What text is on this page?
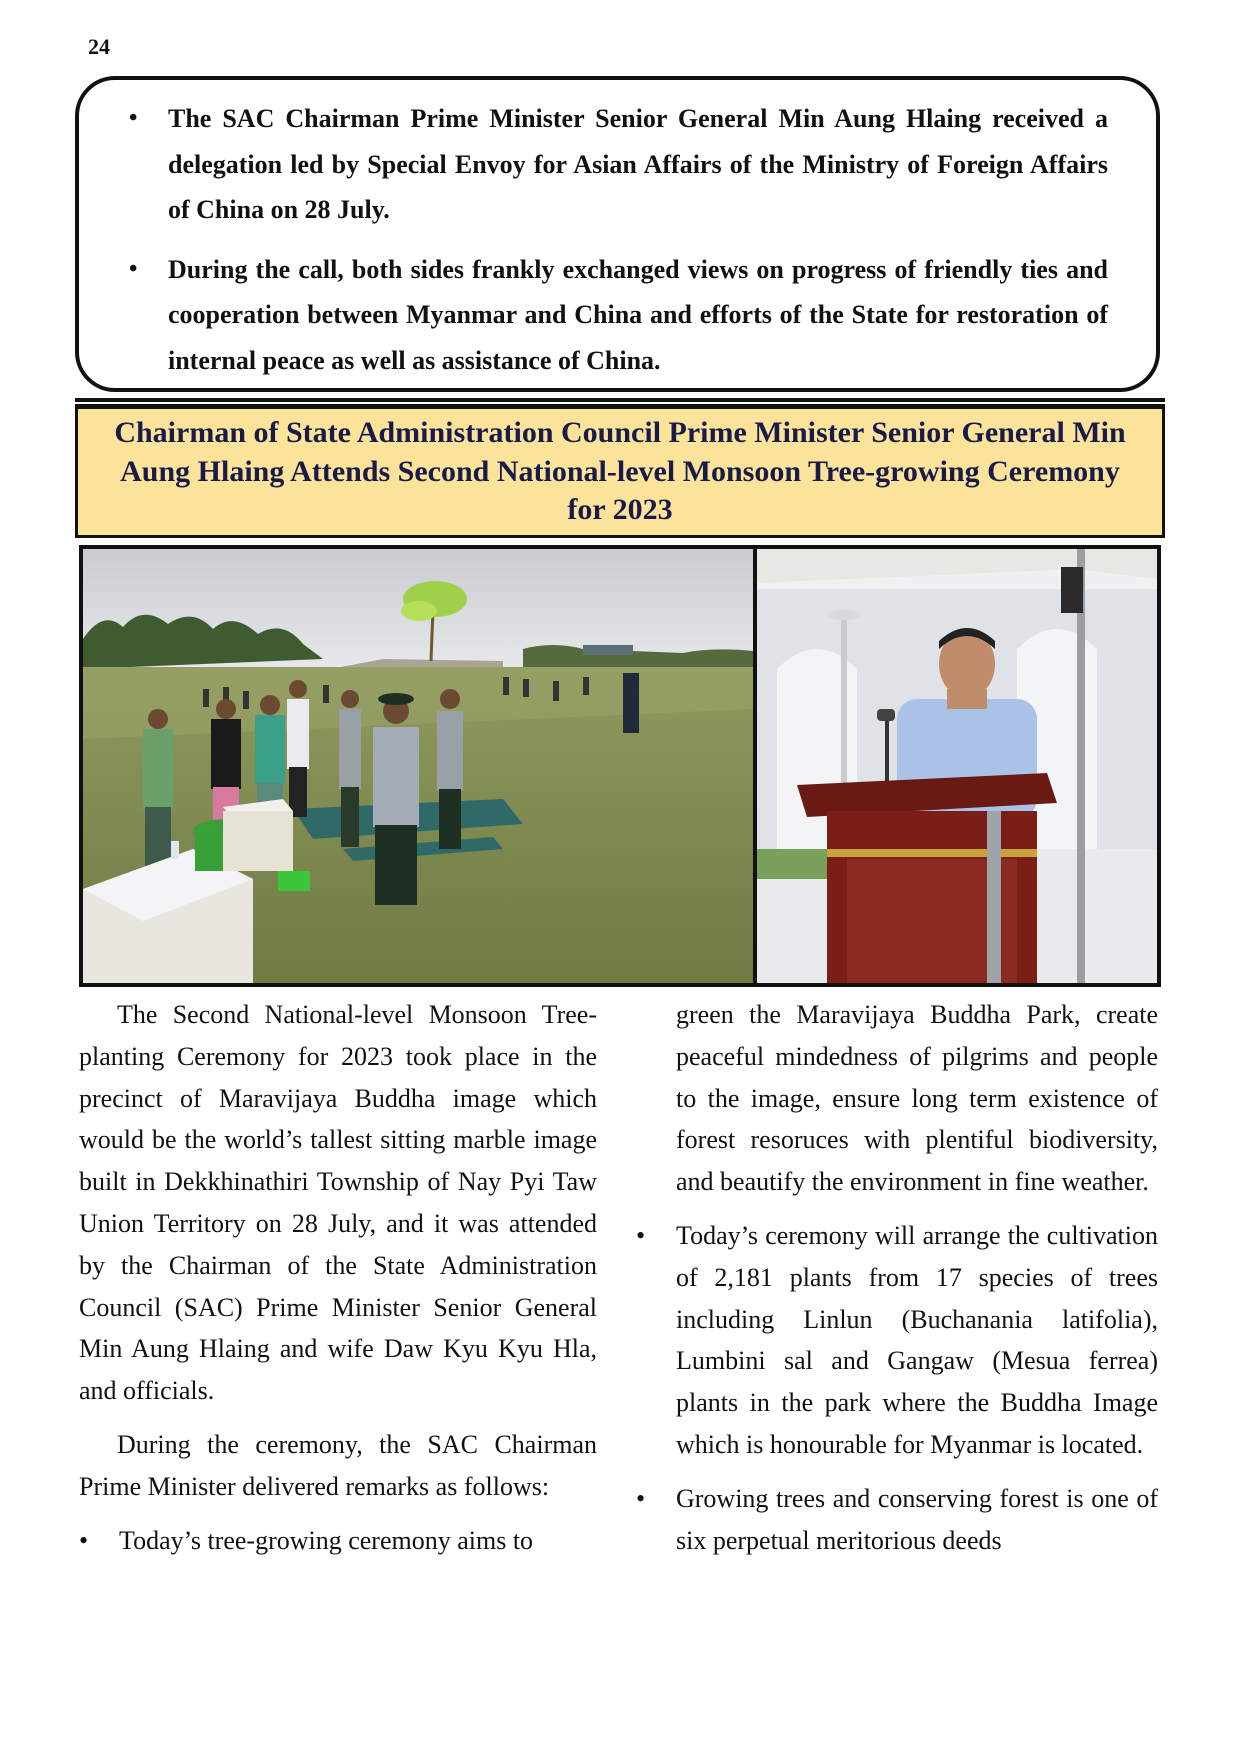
24
• The SAC Chairman Prime Minister Senior General Min Aung Hlaing received a delegation led by Special Envoy for Asian Affairs of the Ministry of Foreign Affairs of China on 28 July.
• During the call, both sides frankly exchanged views on progress of friendly ties and cooperation between Myanmar and China and efforts of the State for restoration of internal peace as well as assistance of China.
Chairman of State Administration Council Prime Minister Senior General Min Aung Hlaing Attends Second National-level Monsoon Tree-growing Ceremony for 2023

The Second National-level Monsoon Tree-planting Ceremony for 2023 took place in the precinct of Maravijaya Buddha image which would be the world’s tallest sitting marble image built in Dekkhinathiri Township of Nay Pyi Taw Union Territory on 28 July, and it was attended by the Chairman of the State Administration Council (SAC) Prime Minister Senior General Min Aung Hlaing and wife Daw Kyu Kyu Hla, and officials.

During the ceremony, the SAC Chairman Prime Minister delivered remarks as follows:

• Today’s tree-growing ceremony aims to

green the Maravijaya Buddha Park, create peaceful mindedness of pilgrims and people to the image, ensure long term existence of forest resoruces with plentiful biodiversity, and beautify the environment in fine weather.

• Today’s ceremony will arrange the cultivation of 2,181 plants from 17 species of trees including Linlun (Buchanania latifolia), Lumbini sal and Gangaw (Mesua ferrea) plants in the park where the Buddha Image which is honourable for Myanmar is located.
• Growing trees and conserving forest is one of six perpetual meritorious deeds
